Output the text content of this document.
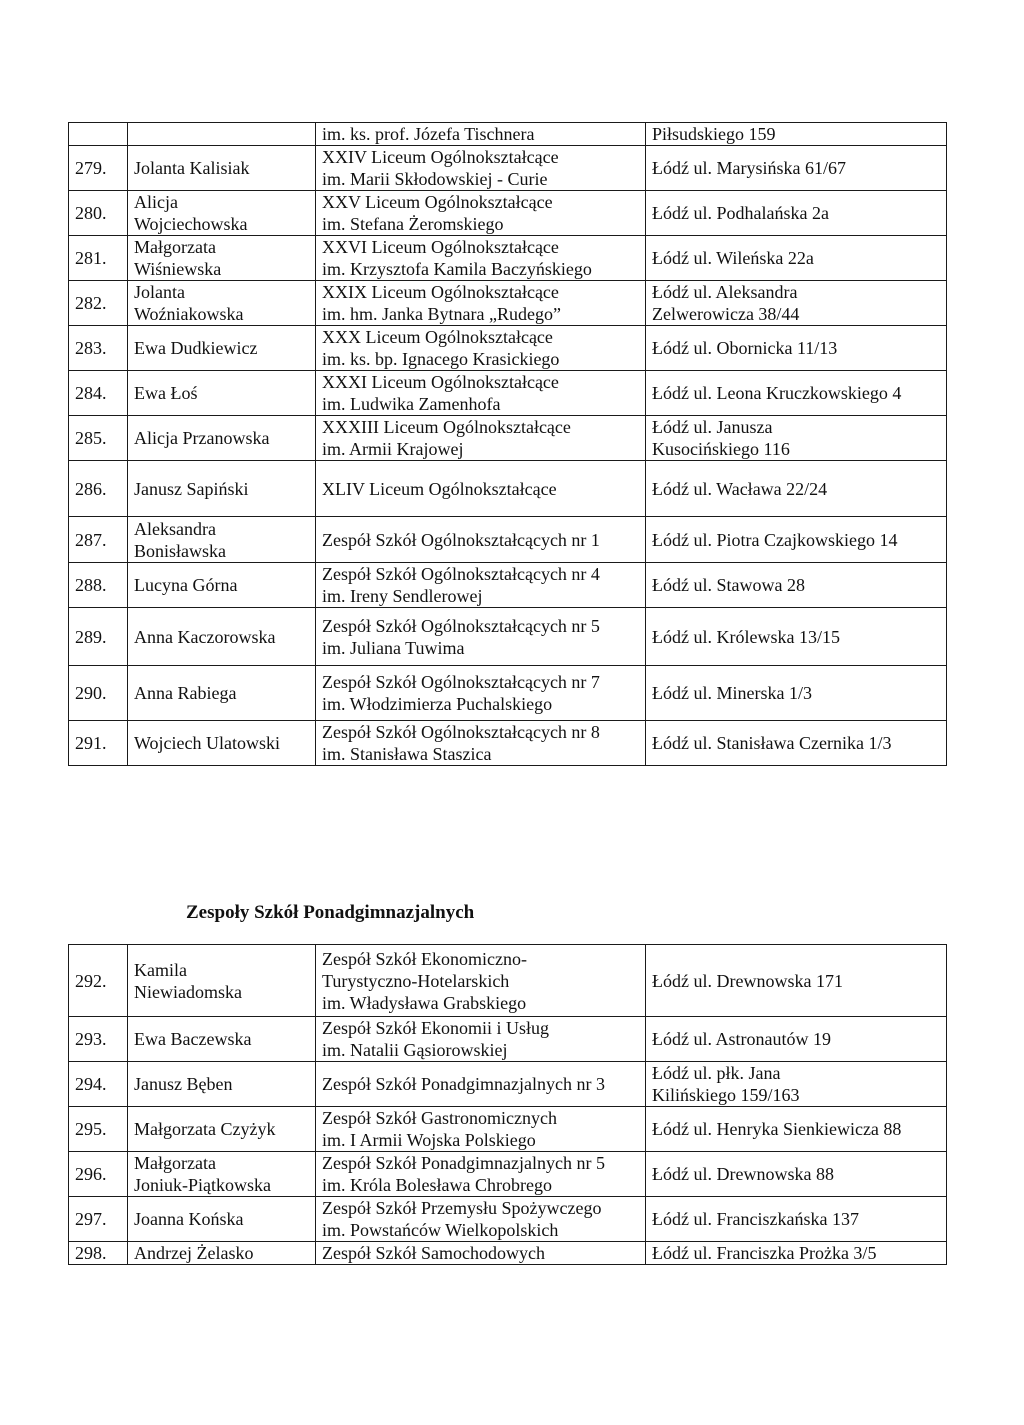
		im. ks. prof. Józefa Tischnera	Piłsudskiego 159

279.	Jolanta Kalisiak	XXIV Liceum Ogólnokształcące
im. Marii Skłodowskiej - Curie	Łódź ul. Marysińska 61/67

280.	Alicja
Wojciechowska	XXV Liceum Ogólnokształcące
im. Stefana Żeromskiego	Łódź ul. Podhalańska 2a

281.	Małgorzata
Wiśniewska	XXVI Liceum Ogólnokształcące
im. Krzysztofa Kamila Baczyńskiego	Łódź ul. Wileńska 22a

282.	Jolanta
Woźniakowska	XXIX Liceum Ogólnokształcące
im. hm. Janka Bytnara „Rudego”	Łódź ul. Aleksandra
Zelwerowicza 38/44

283.	Ewa Dudkiewicz	XXX Liceum Ogólnokształcące
im. ks. bp. Ignacego Krasickiego	Łódź ul. Obornicka 11/13

284.	Ewa Łoś	XXXI Liceum Ogólnokształcące
im. Ludwika Zamenhofa	Łódź ul. Leona Kruczkowskiego 4

285.	Alicja Przanowska	XXXIII Liceum Ogólnokształcące
im. Armii Krajowej	Łódź ul. Janusza
Kusocińskiego 116

286.	Janusz Sapiński	XLIV Liceum Ogólnokształcące	Łódź ul. Wacława 22/24

287.	Aleksandra
Bonisławska	Zespół Szkół Ogólnokształcących nr 1	Łódź ul. Piotra Czajkowskiego 14

288.	Lucyna Górna	Zespół Szkół Ogólnokształcących nr 4
im. Ireny Sendlerowej	Łódź ul. Stawowa 28

289.	Anna Kaczorowska	Zespół Szkół Ogólnokształcących nr 5
im. Juliana Tuwima	Łódź ul. Królewska 13/15

290.	Anna Rabiega	Zespół Szkół Ogólnokształcących nr 7
im. Włodzimierza Puchalskiego	Łódź ul. Minerska 1/3

291.	Wojciech Ulatowski	Zespół Szkół Ogólnokształcących nr 8
im. Stanisława Staszica	Łódź ul. Stanisława Czernika 1/3
Zespoły Szkół Ponadgimnazjalnych
292.	Kamila
Niewiadomska	Zespół Szkół Ekonomiczno-
Turystyczno-Hotelarskich
im. Władysława Grabskiego	Łódź ul. Drewnowska 171

293.	Ewa Baczewska	Zespół Szkół Ekonomii i Usług
im. Natalii Gąsiorowskiej	Łódź ul. Astronautów 19

294.	Janusz Bęben	Zespół Szkół Ponadgimnazjalnych nr 3	Łódź ul. płk. Jana
Kilińskiego 159/163

295.	Małgorzata Czyżyk	Zespół Szkół Gastronomicznych
im. I Armii Wojska Polskiego	Łódź ul. Henryka Sienkiewicza 88

296.	Małgorzata
Joniuk-Piątkowska	Zespół Szkół Ponadgimnazjalnych nr 5
im. Króla Bolesława Chrobrego	Łódź ul. Drewnowska 88

297.	Joanna Końska	Zespół Szkół Przemysłu Spożywczego
im. Powstańców Wielkopolskich	Łódź ul. Franciszkańska 137

298.	Andrzej Żelasko	Zespół Szkół Samochodowych	Łódź ul. Franciszka Prożka 3/5
